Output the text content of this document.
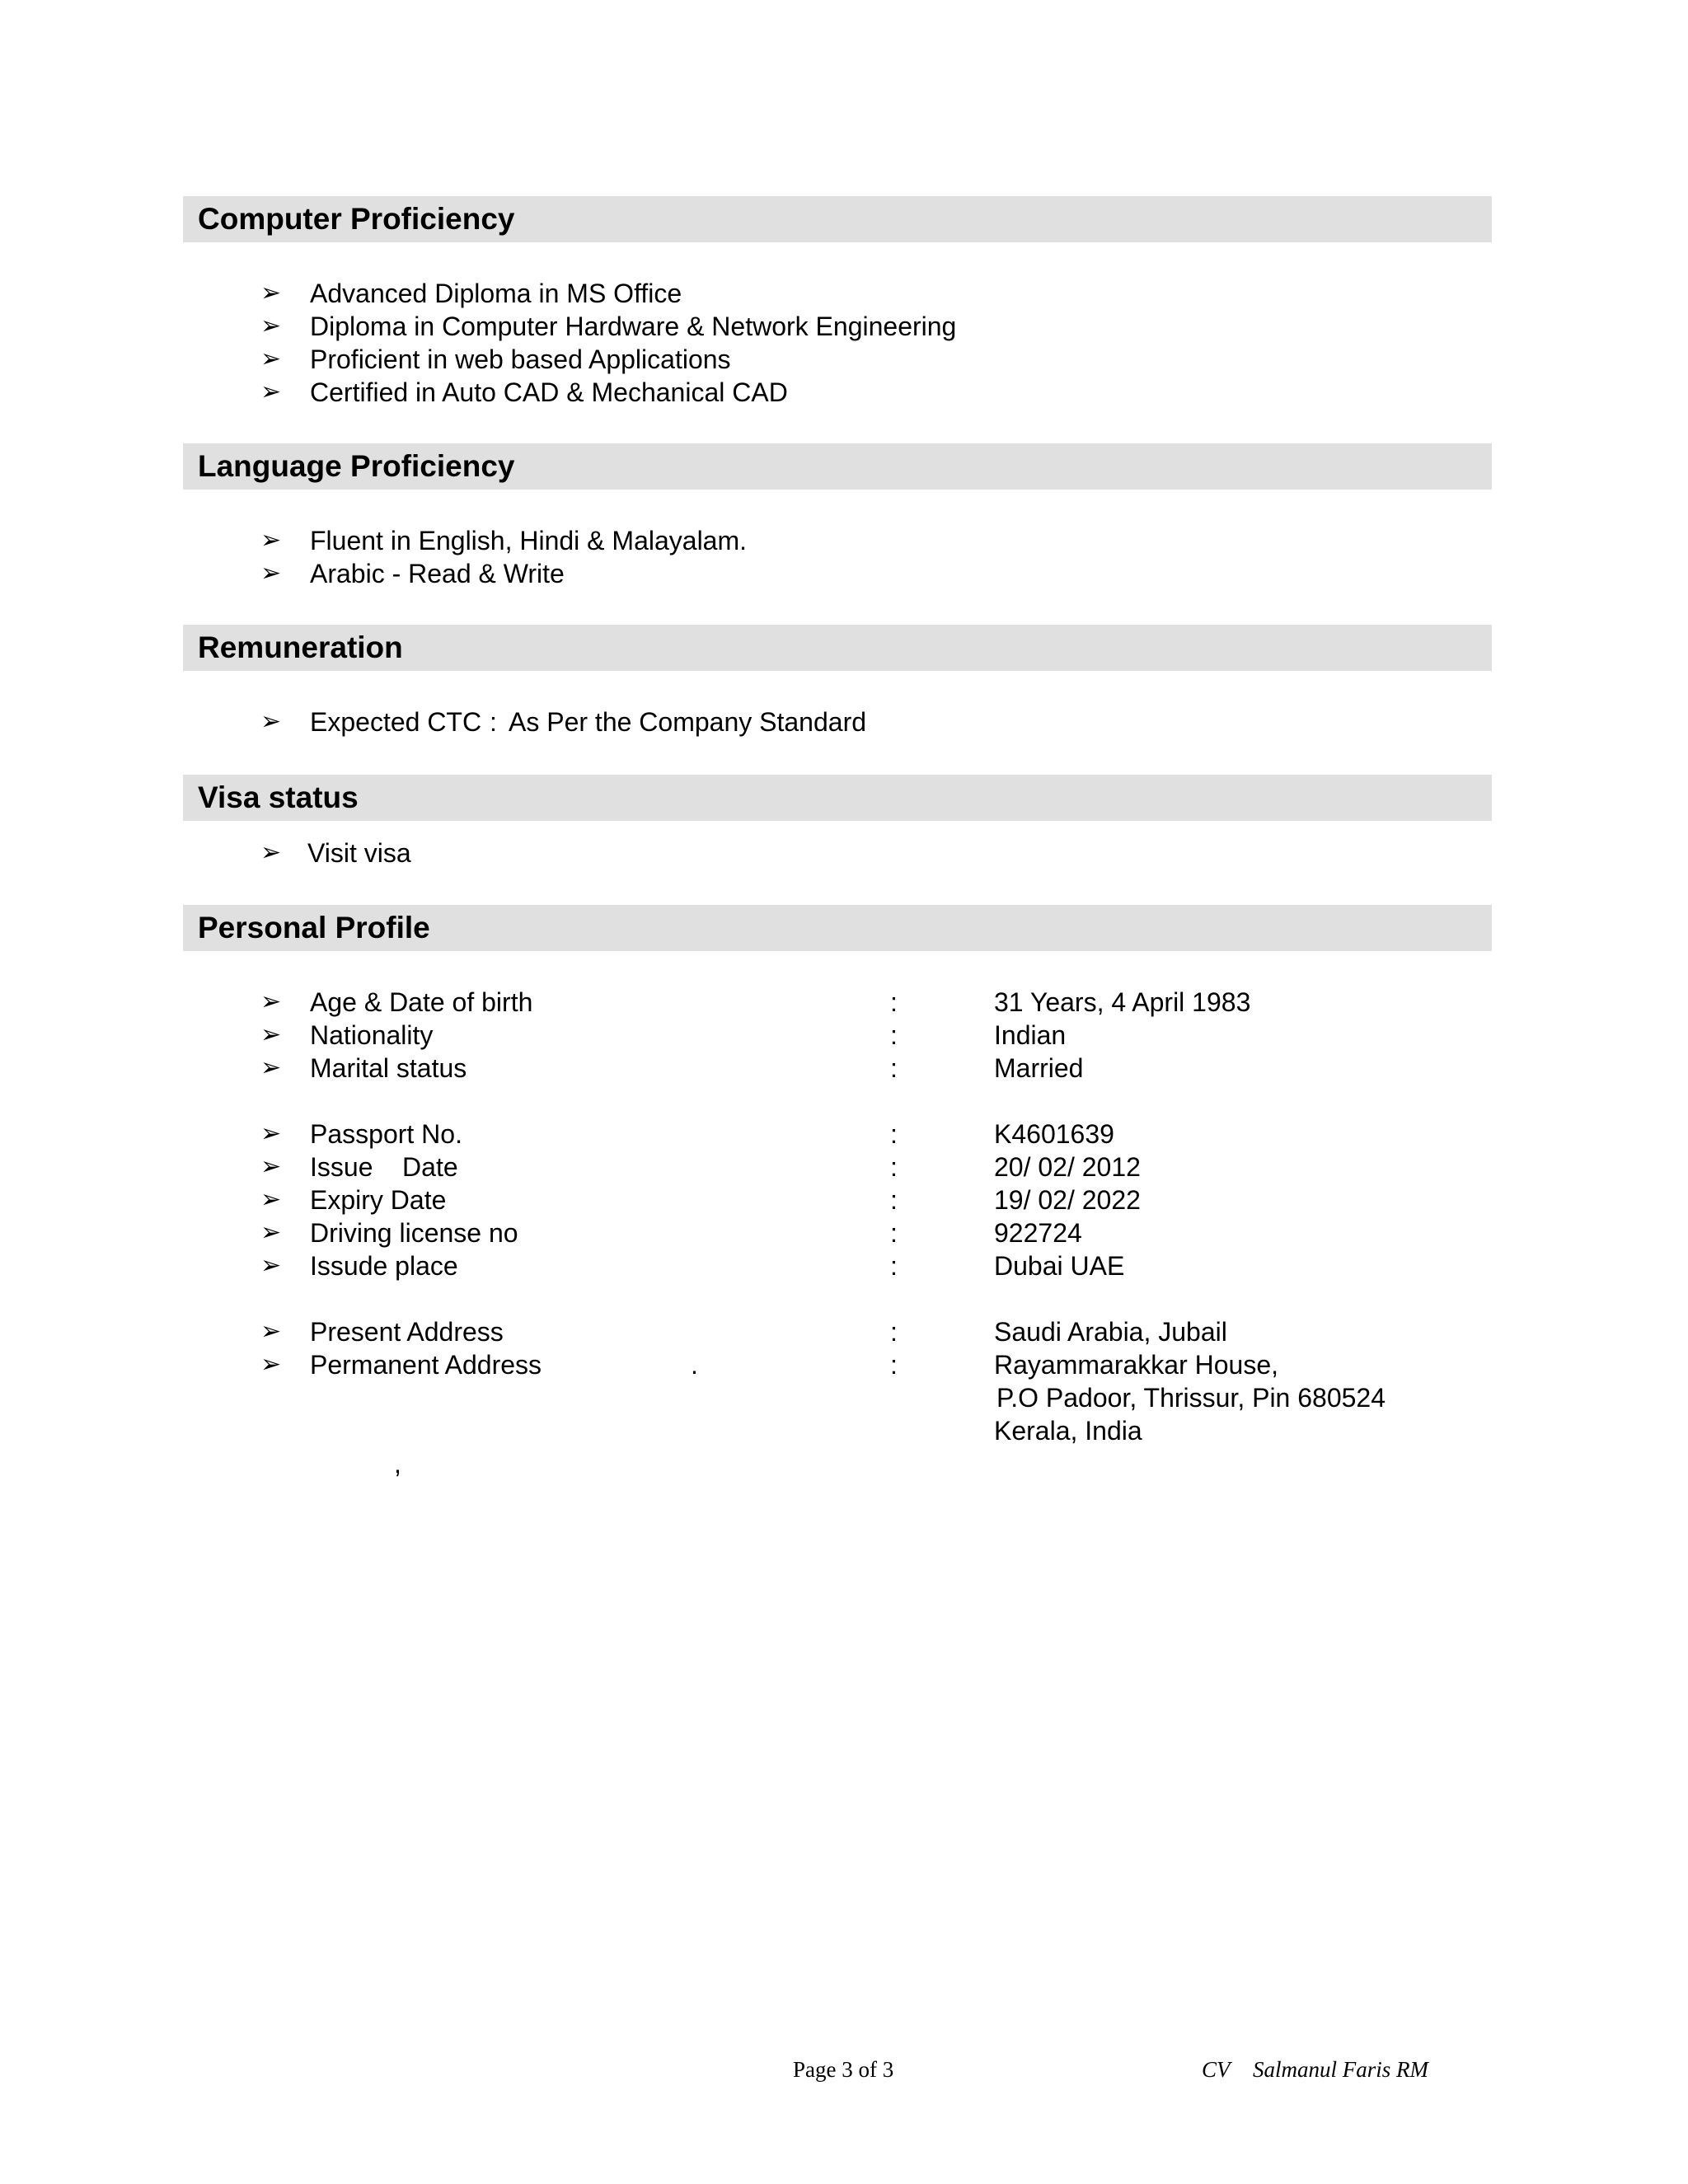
Computer Proficiency
➢ Advanced Diploma in MS Office
➢ Diploma in Computer Hardware & Network Engineering
➢ Proficient in web based Applications
➢ Certified in Auto CAD & Mechanical CAD
Language Proficiency
➢ Fluent in English, Hindi & Malayalam.
➢ Arabic - Read & Write
Remuneration
➢ Expected CTC : As Per the Company Standard
Visa status
➢ Visit visa
Personal Profile
➢ Age & Date of birth	:	31 Years, 4 April 1983
➢ Nationality	:	Indian
➢ Marital status	:	Married
➢ Passport No.	:	K4601639
➢ Issue    Date	:	20/ 02/ 2012
➢ Expiry Date	:	19/ 02/ 2022
➢ Driving license no	:	922724
➢ Issude place	:	Dubai UAE
➢ Present Address	:	Saudi Arabia, Jubail
➢ Permanent Address	.	:	Rayammarakkar House,
P.O Padoor, Thrissur, Pin 680524
Kerala, India
,
Page 3 of 3	CV Salmanul Faris RM
